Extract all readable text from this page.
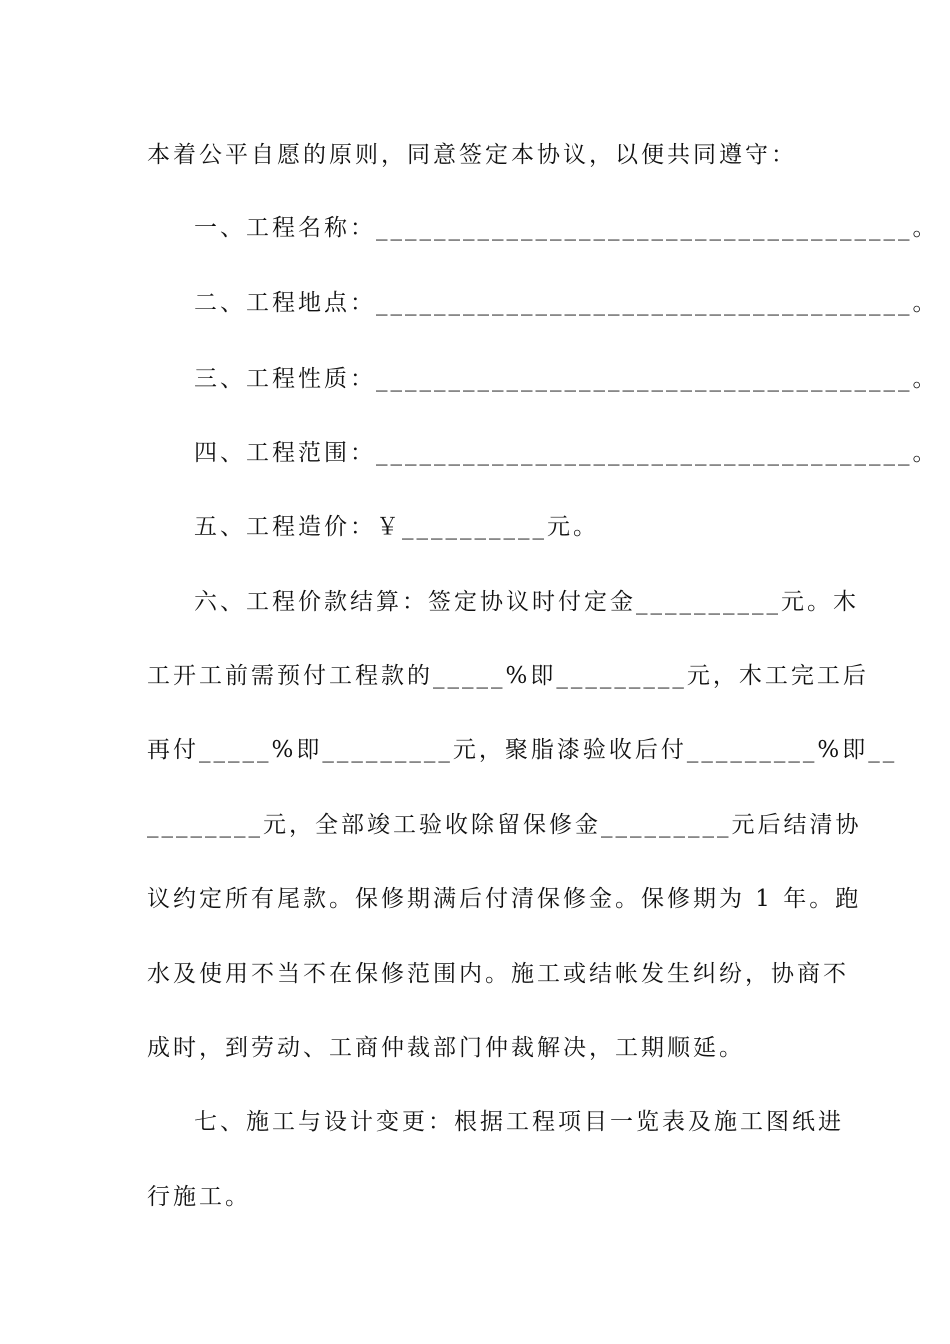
本着公平自愿的原则，同意签定本协议，以便共同遵守：
一、工程名称：_____________________________________。
二、工程地点：_____________________________________。
三、工程性质：_____________________________________。
四、工程范围：_____________________________________。
五、工程造价：￥__________元。
六、工程价款结算：签定协议时付定金__________元。木
工开工前需预付工程款的_____%即_________元，木工完工后
再付_____%即_________元，聚脂漆验收后付_________%即__
________元，全部竣工验收除留保修金_________元后结清协
议约定所有尾款。保修期满后付清保修金。保修期为 1 年。跑
水及使用不当不在保修范围内。施工或结帐发生纠纷，协商不
成时，到劳动、工商仲裁部门仲裁解决，工期顺延。
七、施工与设计变更：根据工程项目一览表及施工图纸进
行施工。
